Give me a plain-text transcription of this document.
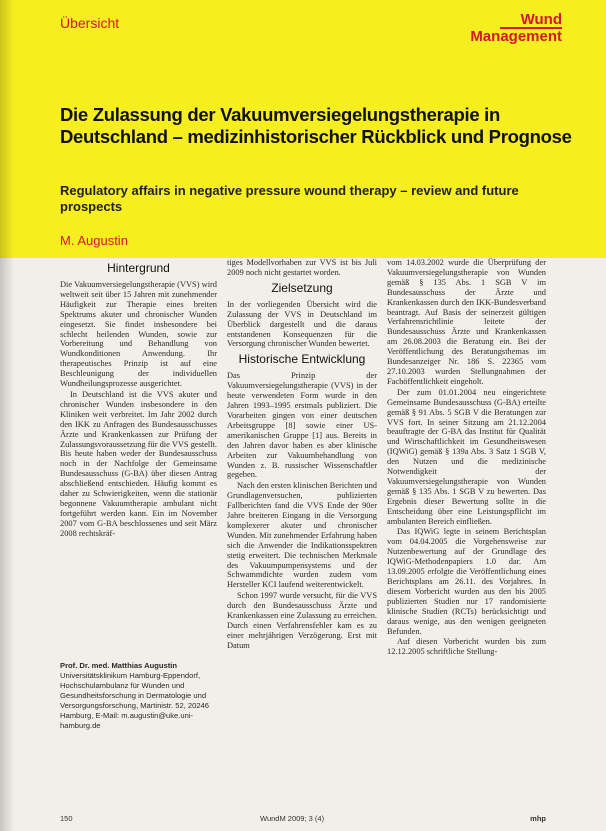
Übersicht	Wund
Management
Die Zulassung der Vakuumversiegelungstherapie in Deutschland – medizinhistorischer Rückblick und Prognose

Regulatory affairs in negative pressure wound therapy – review and future prospects

M. Augustin
Hintergrund

Die Vakuumversiegelungstherapie (VVS) wird weltweit seit über 15 Jahren mit zunehmender Häufigkeit zur Therapie eines breiten Spektrums akuter und chronischer Wunden eingesetzt. Sie findet insbesondere bei schlecht heilenden Wunden, sowie zur Vorbereitung und Behandlung von Wundkonditionen Anwendung. Ihr therapeutisches Prinzip ist auf eine Beschleunigung der individuellen Wundheilungsprozesse ausgerichtet.

In Deutschland ist die VVS akuter und chronischer Wunden insbesondere in den Kliniken weit verbreitet. Im Jahr 2002 durch den IKK zu Anfragen des Bundesausschusses Ärzte und Krankenkassen zur Prüfung der Zulassungsvoraussetzung für die VVS gestellt. Bis heute haben weder der Bundesausschuss noch in der Nachfolge der Gemeinsame Bundesausschuss (G-BA) über diesen Antrag abschließend entschieden. Häufig kommt es daher zu Schwierigkeiten, wenn die stationär begonnene Vakuumtherapie ambulant nicht fortgeführt werden kann. Ein im November 2007 vom G-BA beschlossenes und seit März 2008 rechtskräf-

Prof. Dr. med. Matthias Augustin
Universitätsklinikum Hamburg-Eppendorf, Hochschulambulanz für Wunden und Gesundheitsforschung in Dermatologie und Versorgungsforschung, Martinistr. 52, 20246 Hamburg, E-Mail: m.augustin@uke.uni-hamburg.de

tiges Modellvorhaben zur VVS ist bis Juli 2009 noch nicht gestartet worden.

Zielsetzung

In der vorliegenden Übersicht wird die Zulassung der VVS in Deutschland im Überblick dargestellt und die daraus entstandenen Konsequenzen für die Versorgung chronischer Wunden bewertet.

Historische Entwicklung

Das Prinzip der Vakuumversiegelungstherapie (VVS) in der heute verwendeten Form wurde in den Jahren 1993–1995 erstmals publiziert. Die Vorarbeiten gingen von einer deutschen Arbeitsgruppe [8] sowie einer US-amerikanischen Gruppe [1] aus. Bereits in den Jahren davor haben es aber klinische Arbeiten zur Vakuumbehandlung von Wunden z. B. russischer Wissenschaftler gegeben.

Nach den ersten klinischen Berichten und Grundlagenversuchen, publizierten Fallberichten fand die VVS Ende der 90er Jahre breiteren Eingang in die Versorgung komplexerer akuter und chronischer Wunden. Mit zunehmender Erfahrung haben sich die Anwender die Indikationsspektren stetig erweitert. Die technischen Merkmale des Vakuumpumpensystems und der Schwammdichte wurden zudem vom Hersteller KCI laufend weiterentwickelt.

Schon 1997 wurde versucht, für die VVS durch den Bundesausschuss Ärzte und Krankenkassen eine Zulassung zu erreichen. Durch einen Verfahrensfehler kam es zu einer mehrjährigen Verzögerung. Erst mit Datum

vom 14.03.2002 wurde die Überprüfung der Vakuumversiegelungstherapie von Wunden gemäß § 135 Abs. 1 SGB V im Bundesausschuss der Ärzte und Krankenkassen durch den IKK-Bundesverband beantragt. Auf Basis der seinerzeit gültigen Verfahrensrichtlinie leitete der Bundesausschuss Ärzte und Krankenkassen am 26.08.2003 die Beratung ein. Bei der Veröffentlichung des Beratungsthemas im Bundesanzeiger Nr. 186 S. 22365 vom 27.10.2003 wurden Stellungnahmen der Fachöffentlichkeit eingeholt.

Der zum 01.01.2004 neu eingerichtete Gemeinsame Bundesausschuss (G-BA) erteilte gemäß § 91 Abs. 5 SGB V die Beratungen zur VVS fort. In seiner Sitzung am 21.12.2004 beauftragte der G-BA das Institut für Qualität und Wirtschaftlichkeit im Gesundheitswesen (IQWiG) gemäß § 139a Abs. 3 Satz 1 SGB V, den Nutzen und die medizinische Notwendigkeit der Vakuumversiegelungstherapie von Wunden gemäß § 135 Abs. 1 SGB V zu bewerten. Das Ergebnis dieser Bewertung sollte in die Entscheidung über eine Leistungspflicht im ambulanten Bereich einfließen.

Das IQWiG legte in seinem Berichtsplan vom 04.04.2005 die Vorgehensweise zur Nutzenbewertung auf der Grundlage des IQWiG-Methodenpapiers 1.0 dar. Am 13.09.2005 erfolgte die Veröffentlichung eines Berichtsplans am 26.11. des Vorjahres. In diesem Vorbericht wurden aus den bis 2005 publizierten Studien nur 17 randomisierte klinische Studien (RCTs) berücksichtigt und daraus wenige, aus den wenigen geeigneten Befunden.

Auf diesen Vorbericht wurden bis zum 12.12.2005 schriftliche Stellung-

150	WundM 2009; 3 (4)	mhp
